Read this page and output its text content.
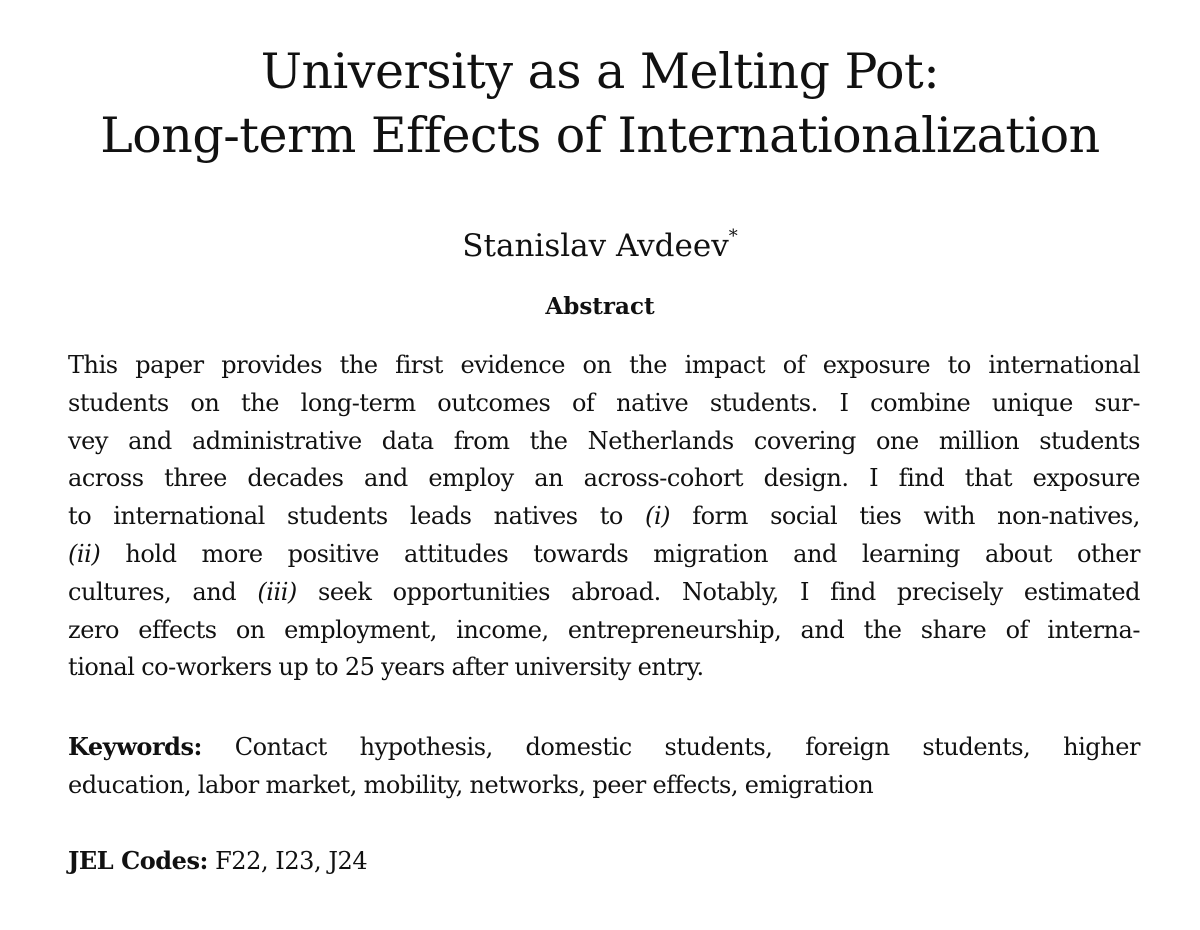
University as a Melting Pot:
Long-term Effects of Internationalization
Stanislav Avdeev*
Abstract
This paper provides the first evidence on the impact of exposure to international
students on the long-term outcomes of native students. I combine unique sur-
vey and administrative data from the Netherlands covering one million students
across three decades and employ an across-cohort design. I find that exposure
to international students leads natives to (i) form social ties with non-natives,
(ii) hold more positive attitudes towards migration and learning about other
cultures, and (iii) seek opportunities abroad. Notably, I find precisely estimated
zero effects on employment, income, entrepreneurship, and the share of interna-
tional co-workers up to 25 years after university entry.
Keywords: Contact hypothesis, domestic students, foreign students, higher
education, labor market, mobility, networks, peer effects, emigration
JEL Codes: F22, I23, J24
